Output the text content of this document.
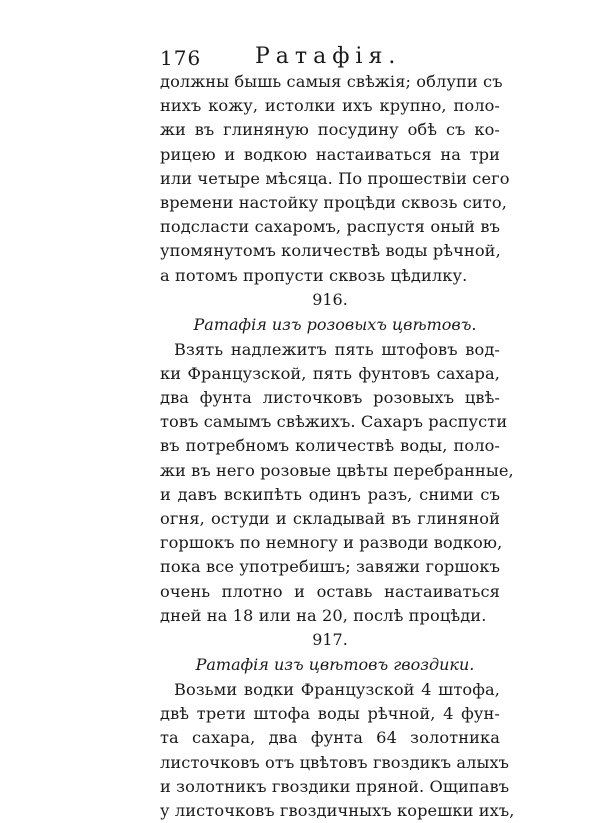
176 Ратафія.
должны бышь самыя свѣжія; облупи съ
нихъ кожу, истолки ихъ крупно, поло-
жи въ глиняную посудину обѣ съ ко-
рицею и водкою настаиваться на три
или четыре мѣсяца. По прошествіи сего
времени настойку процѣди сквозь сито,
подсласти сахаромъ, распустя оный въ
упомянутомъ количествѣ воды рѣчной,
а потомъ пропусти сквозь цѣдилку.
916.
Ратафія изъ розовыхъ цвѣтовъ.
Взять надлежитъ пять штофовъ вод-
ки Французской, пять фунтовъ сахара,
два фунта листочковъ розовыхъ цвѣ-
товъ самымъ свѣжихъ. Сахаръ распусти
въ потребномъ количествѣ воды, поло-
жи въ него розовые цвѣты перебранные,
и давъ вскипѣть одинъ разъ, сними съ
огня, остуди и складывай въ глиняной
горшокъ по немногу и разводи водкою,
пока все употребишъ; завяжи горшокъ
очень плотно и оставь настаиваться
дней на 18 или на 20, послѣ процѣди.
917.
Ратафія изъ цвѣтовъ гвоздики.
Возьми водки Французской 4 штофа,
двѣ трети штофа воды рѣчной, 4 фун-
та сахара, два фунта 64 золотника
листочковъ отъ цвѣтовъ гвоздикъ алыхъ
и золотникъ гвоздики пряной. Ощипавъ
у листочковъ гвоздичныхъ корешки ихъ,
